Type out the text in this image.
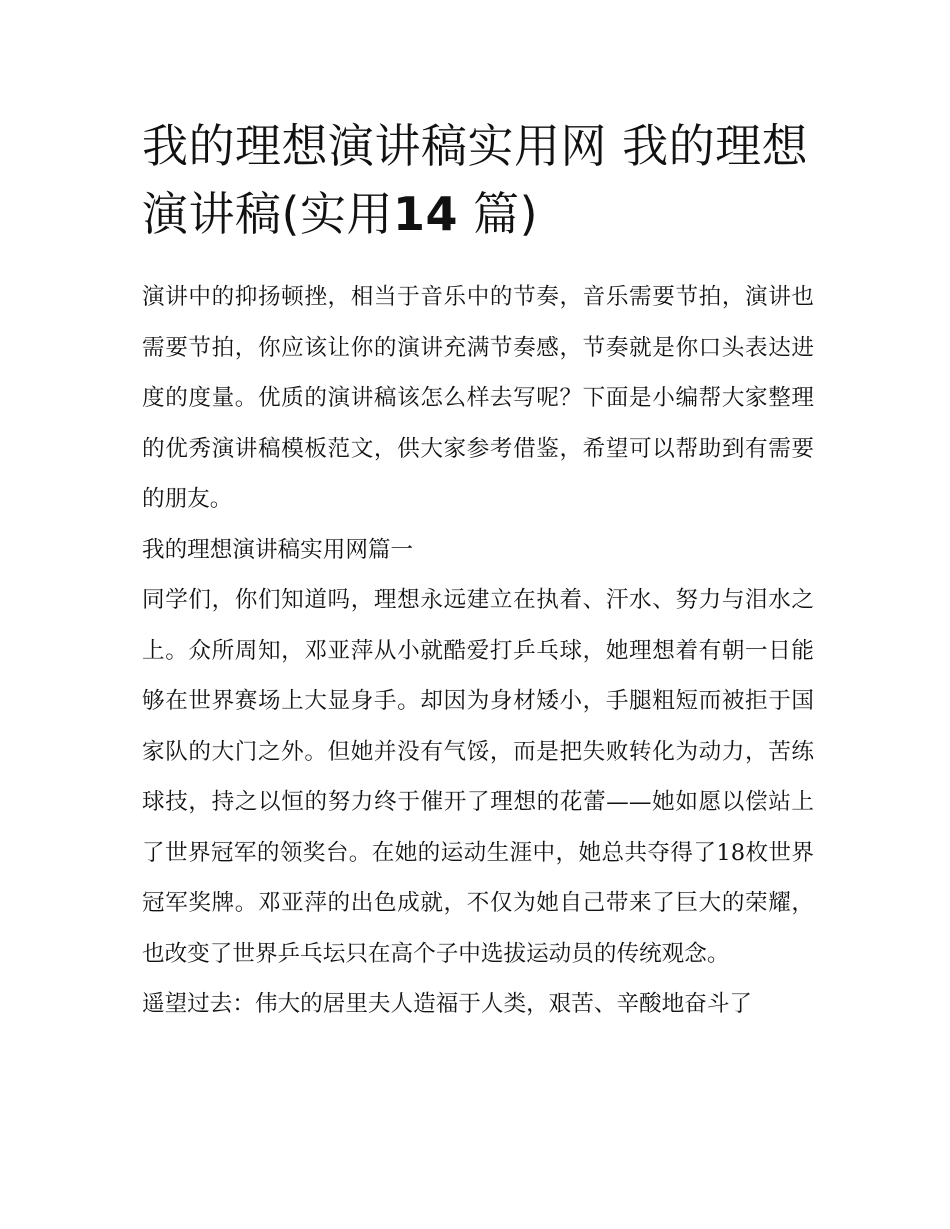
我的理想演讲稿实用网 我的理想演讲稿(实用14 篇)

演讲中的抑扬顿挫，相当于音乐中的节奏，音乐需要节拍，演讲也需要节拍，你应该让你的演讲充满节奏感，节奏就是你口头表达进度的度量。优质的演讲稿该怎么样去写呢？下面是小编帮大家整理的优秀演讲稿模板范文，供大家参考借鉴，希望可以帮助到有需要的朋友。

我的理想演讲稿实用网篇一

同学们，你们知道吗，理想永远建立在执着、汗水、努力与泪水之上。众所周知，邓亚萍从小就酷爱打乒乓球，她理想着有朝一日能够在世界赛场上大显身手。却因为身材矮小，手腿粗短而被拒于国家队的大门之外。但她并没有气馁，而是把失败转化为动力，苦练球技，持之以恒的努力终于催开了理想的花蕾——她如愿以偿站上了世界冠军的领奖台。在她的运动生涯中，她总共夺得了18枚世界冠军奖牌。邓亚萍的出色成就，不仅为她自己带来了巨大的荣耀，也改变了世界乒乓坛只在高个子中选拔运动员的传统观念。

遥望过去：伟大的居里夫人造福于人类，艰苦、辛酸地奋斗了
